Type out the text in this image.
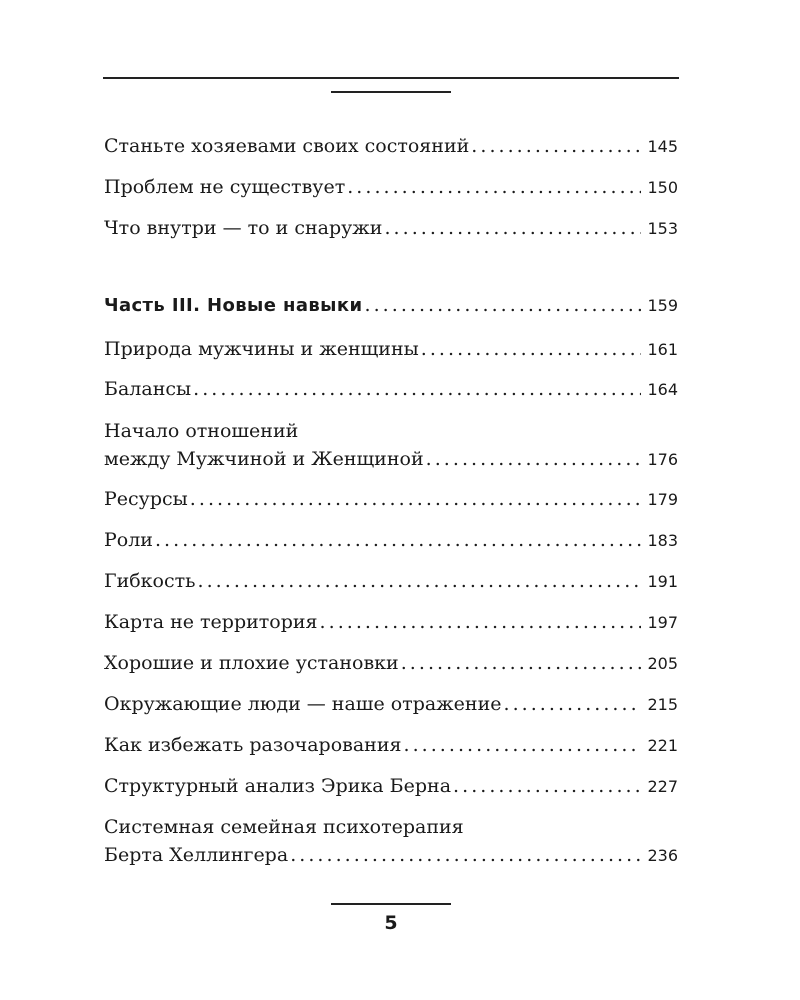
Станьте хозяевами своих состояний . . .	145
Проблем не существует . . .	150
Что внутри — то и снаружи . . .	153
Часть III. Новые навыки . . .	159
Природа мужчины и женщины . . .	161
Балансы . . .	164
Начало отношений
между Мужчиной и Женщиной . . .	176
Ресурсы . . .	179
Роли . . .	183
Гибкость . . .	191
Карта не территория . . .	197
Хорошие и плохие установки . . .	205
Окружающие люди — наше отражение . . .	215
Как избежать разочарования . . .	221
Структурный анализ Эрика Берна . . .	227
Системная семейная психотерапия
Берта Хеллингера . . .	236
5
